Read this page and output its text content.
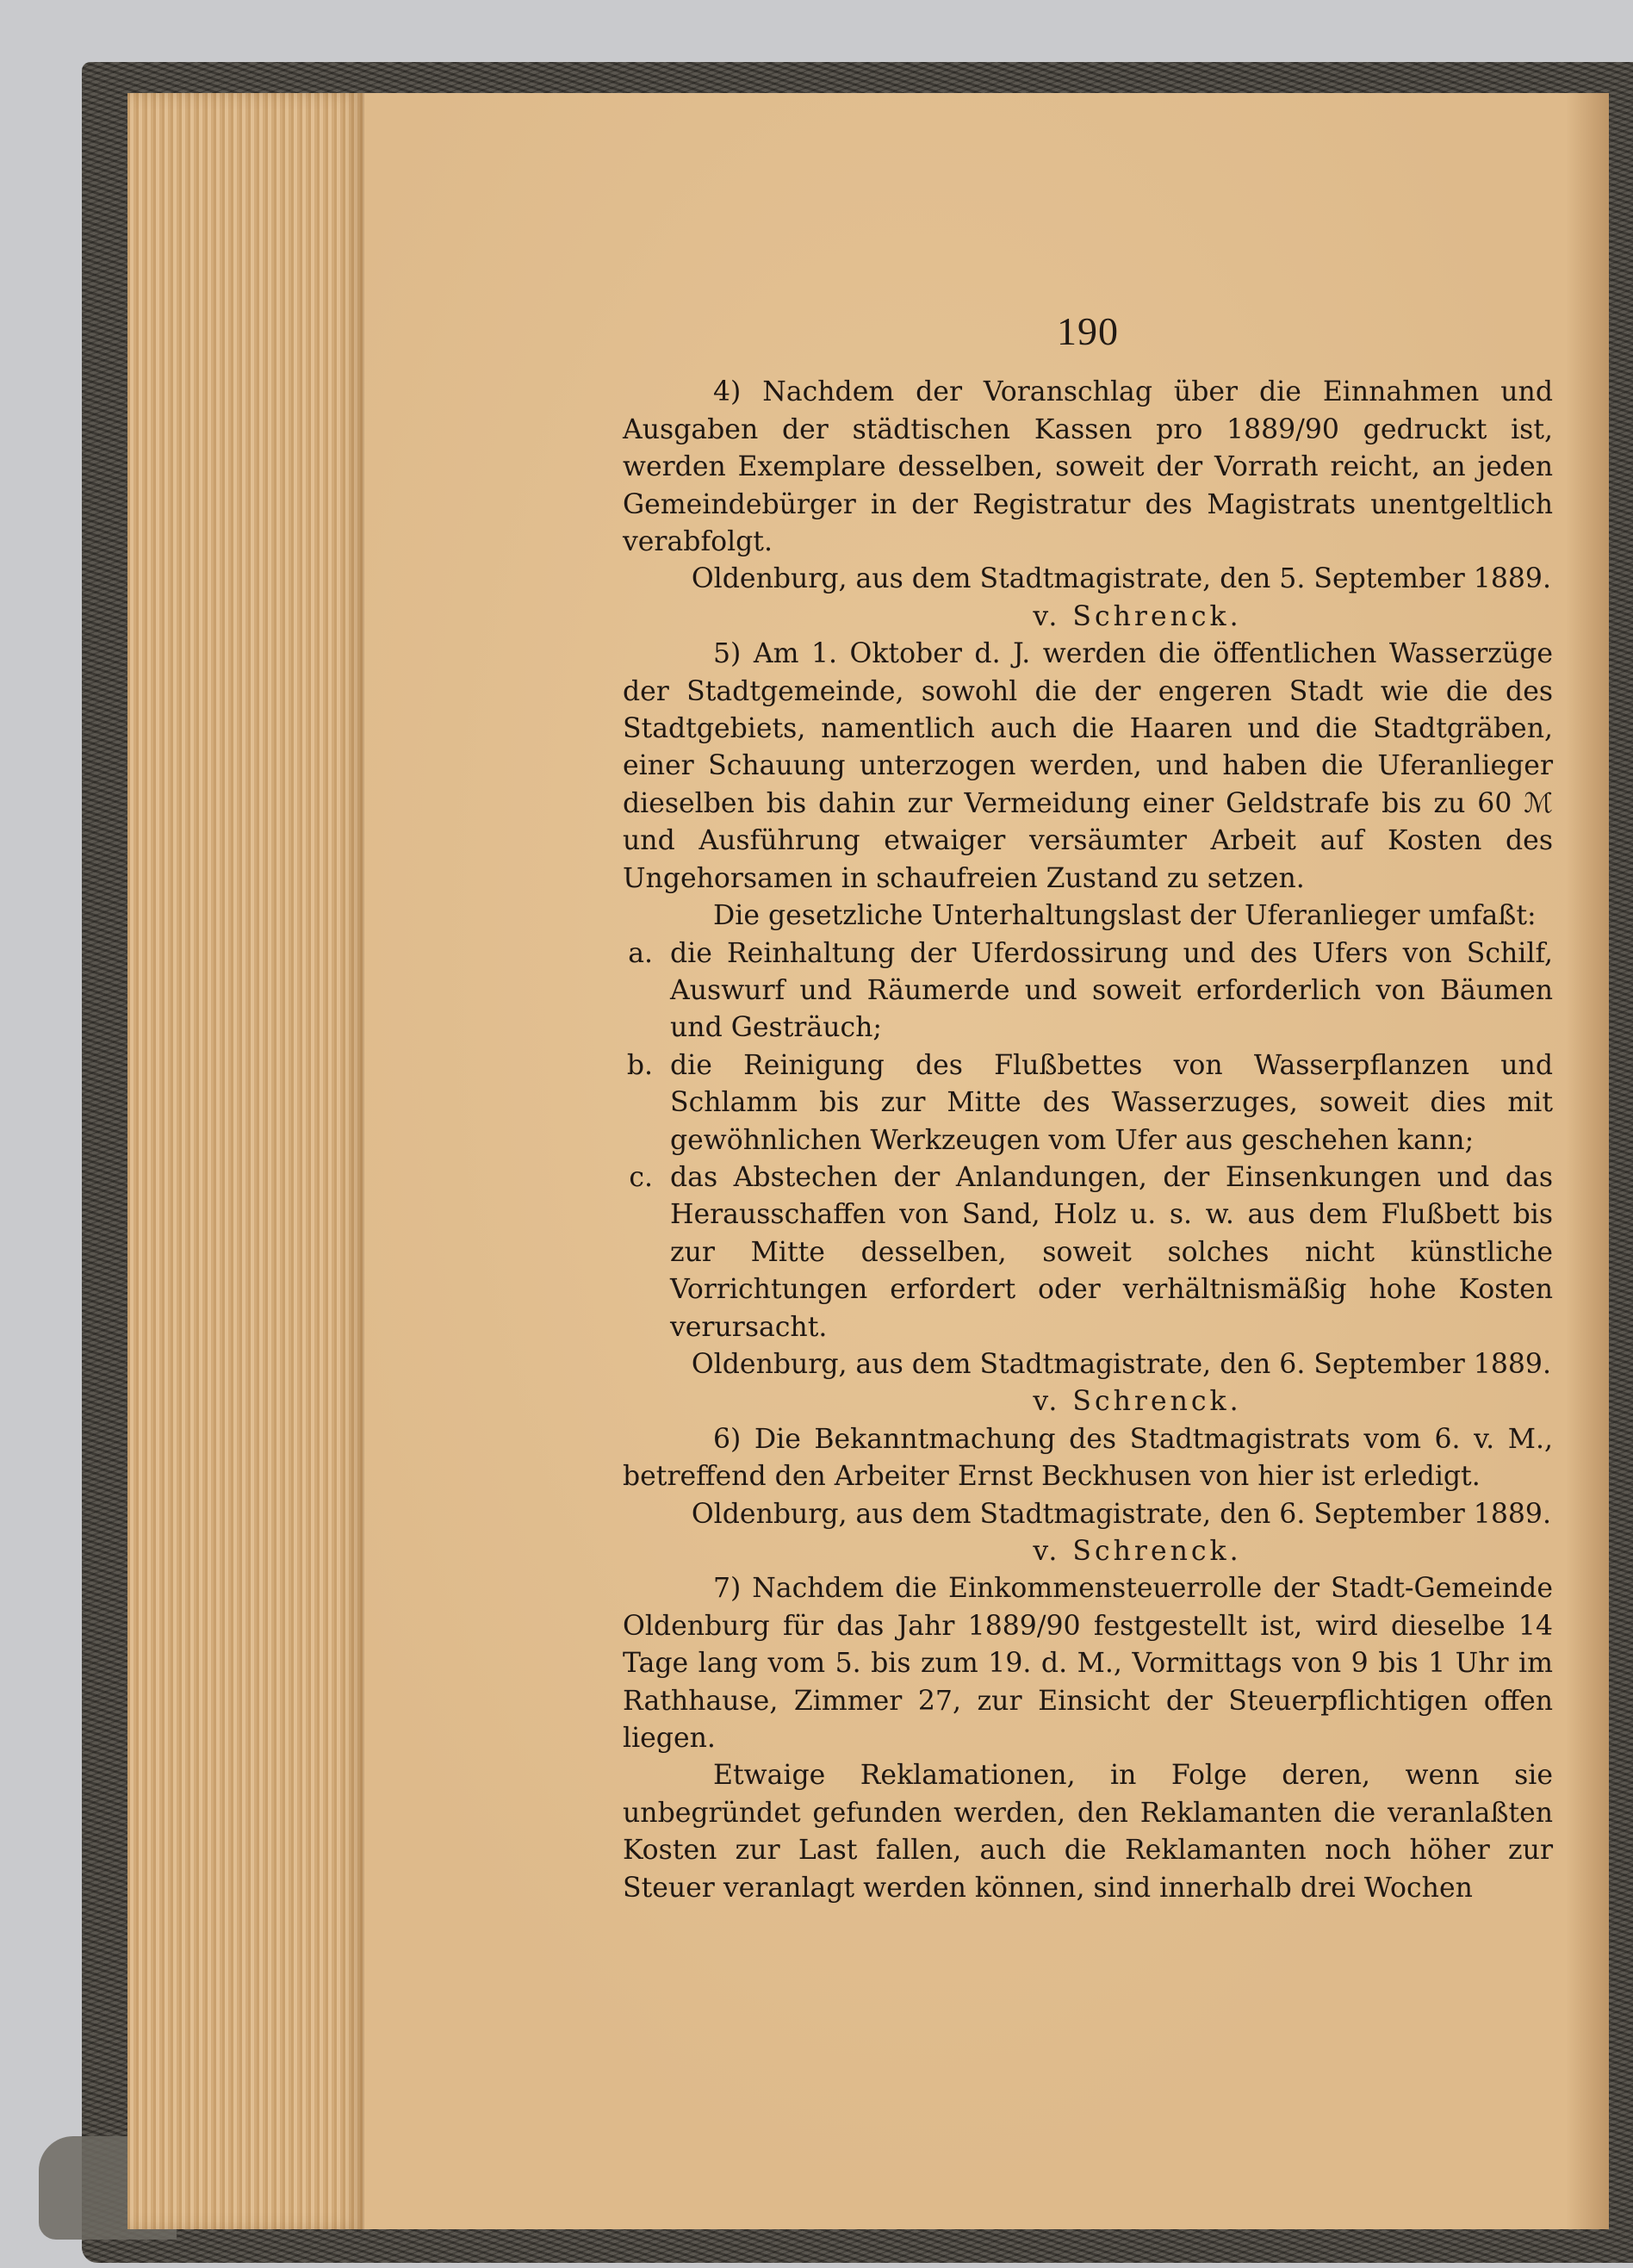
190

4) Nachdem der Voranschlag über die Einnahmen und Ausgaben der städtischen Kassen pro 1889/90 gedruckt ist, werden Exemplare desselben, soweit der Vorrath reicht, an jeden Gemeindebürger in der Registratur des Magistrats unentgeltlich verabfolgt.

Oldenburg, aus dem Stadtmagistrate, den 5. September 1889.

v. Schrenck.

5) Am 1. Oktober d. J. werden die öffentlichen Wasserzüge der Stadtgemeinde, sowohl die der engeren Stadt wie die des Stadtgebiets, namentlich auch die Haaren und die Stadtgräben, einer Schauung unterzogen werden, und haben die Uferanlieger dieselben bis dahin zur Vermeidung einer Geldstrafe bis zu 60 ℳ und Ausführung etwaiger versäumter Arbeit auf Kosten des Ungehorsamen in schaufreien Zustand zu setzen.

Die gesetzliche Unterhaltungslast der Uferanlieger umfaßt:

a. die Reinhaltung der Uferdossirung und des Ufers von Schilf, Auswurf und Räumerde und soweit erforderlich von Bäumen und Gesträuch;
b. die Reinigung des Flußbettes von Wasserpflanzen und Schlamm bis zur Mitte des Wasserzuges, soweit dies mit gewöhnlichen Werkzeugen vom Ufer aus geschehen kann;
c. das Abstechen der Anlandungen, der Einsenkungen und das Herausschaffen von Sand, Holz u. s. w. aus dem Flußbett bis zur Mitte desselben, soweit solches nicht künstliche Vorrichtungen erfordert oder verhältnismäßig hohe Kosten verursacht.

Oldenburg, aus dem Stadtmagistrate, den 6. September 1889.

v. Schrenck.

6) Die Bekanntmachung des Stadtmagistrats vom 6. v. M., betreffend den Arbeiter Ernst Beckhusen von hier ist erledigt.

Oldenburg, aus dem Stadtmagistrate, den 6. September 1889.

v. Schrenck.

7) Nachdem die Einkommensteuerrolle der Stadt-Gemeinde Oldenburg für das Jahr 1889/90 festgestellt ist, wird dieselbe 14 Tage lang vom 5. bis zum 19. d. M., Vormittags von 9 bis 1 Uhr im Rathhause, Zimmer 27, zur Einsicht der Steuerpflichtigen offen liegen.

Etwaige Reklamationen, in Folge deren, wenn sie unbegründet gefunden werden, den Reklamanten die veranlaßten Kosten zur Last fallen, auch die Reklamanten noch höher zur Steuer veranlagt werden können, sind innerhalb drei Wochen
